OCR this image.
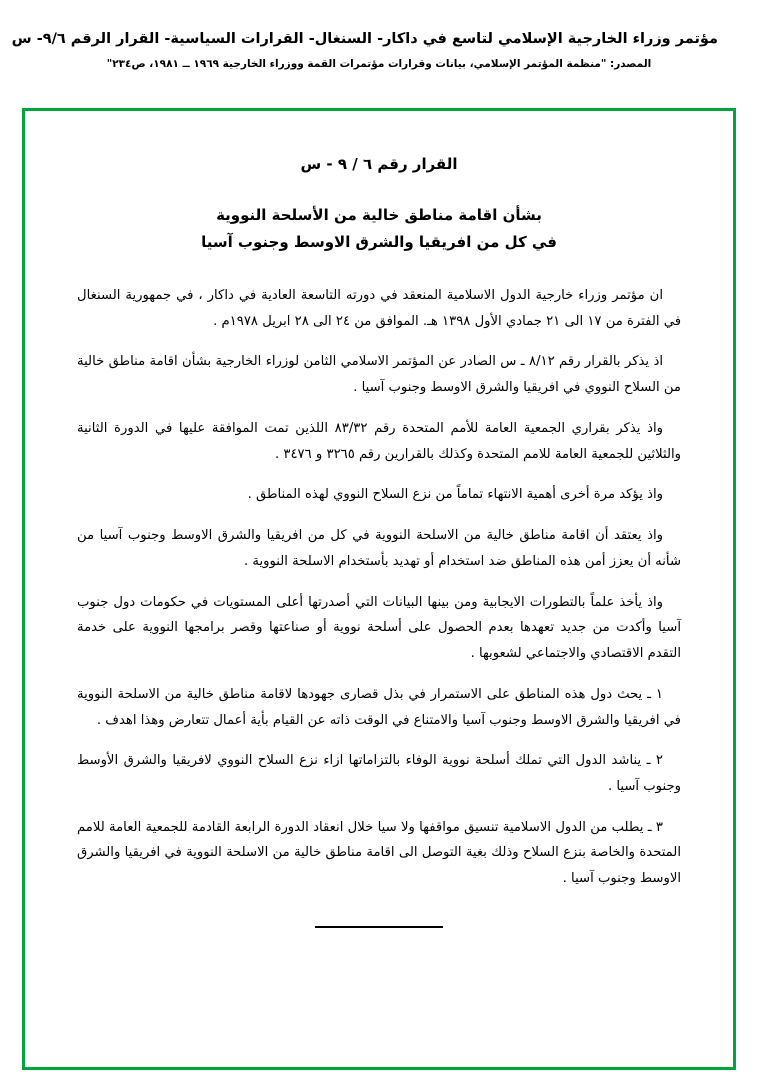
مؤتمر وزراء الخارجية الإسلامي لتاسع في داكار- السنغال- القرارات السياسية- القرار الرقم ٩/٦- س
المصدر: "منظمة المؤتمر الإسلامي، بيانات وقرارات مؤتمرات القمة ووزراء الخارجية ١٩٦٩ ــ ١٩٨١، ص٢٣٤"
القرار رقم ٦ / ٩ - س
بشأن اقامة مناطق خالية من الأسلحة النووية
في كل من افريقيا والشرق الاوسط وجنوب آسيا

ان مؤتمر وزراء خارجية الدول الاسلامية المنعقد في دورته التاسعة العادية في داكار ، في جمهورية السنغال في الفترة من ١٧ الى ٢١ جمادي الأول ١٣٩٨ هـ. الموافق من ٢٤ الى ٢٨ ابريل ١٩٧٨م .

اذ يذكر بالقرار رقم ٨/١٢ ـ س الصادر عن المؤتمر الاسلامي الثامن لوزراء الخارجية بشأن اقامة مناطق خالية من السلاح النووي في افريقيا والشرق الاوسط وجنوب آسيا .

واذ يذكر بقراري الجمعية العامة للأمم المتحدة رقم ٨٣/٣٢ اللذين تمت الموافقة عليها في الدورة الثانية والثلاثين للجمعية العامة للامم المتحدة وكذلك بالقرارين رقم ٣٢٦٥ و ٣٤٧٦ .

واذ يؤكد مرة أخرى أهمية الانتهاء تماماً من نزع السلاح النووي لهذه المناطق .

واذ يعتقد أن اقامة مناطق خالية من الاسلحة النووية في كل من افريقيا والشرق الاوسط وجنوب آسيا من شأنه أن يعزز أمن هذه المناطق ضد استخدام أو تهديد بأستخدام الاسلحة النووية .

واذ يأخذ علماً بالتطورات الايجابية ومن بينها البيانات التي أصدرتها أعلى المستويات في حكومات دول جنوب آسيا وأكدت من جديد تعهدها بعدم الحصول على أسلحة نووية أو صناعتها وقصر برامجها النووية على خدمة التقدم الاقتصادي والاجتماعي لشعوبها .

١ ـ يحث دول هذه المناطق على الاستمرار في بذل قصارى جهودها لاقامة مناطق خالية من الاسلحة النووية في افريقيا والشرق الاوسط وجنوب آسيا والامتناع في الوقت ذاته عن القيام بأية أعمال تتعارض وهذا اهدف .

٢ ـ يناشد الدول التي تملك أسلحة نووية الوفاء بالتزاماتها ازاء نزع السلاح النووي لافريقيا والشرق الأوسط وجنوب آسيا .

٣ ـ يطلب من الدول الاسلامية تنسيق مواقفها ولا سيا خلال انعقاد الدورة الرابعة القادمة للجمعية العامة للامم المتحدة والخاصة بنزع السلاح وذلك بغية التوصل الى اقامة مناطق خالية من الاسلحة النووية في افريقيا والشرق الاوسط وجنوب آسيا .
